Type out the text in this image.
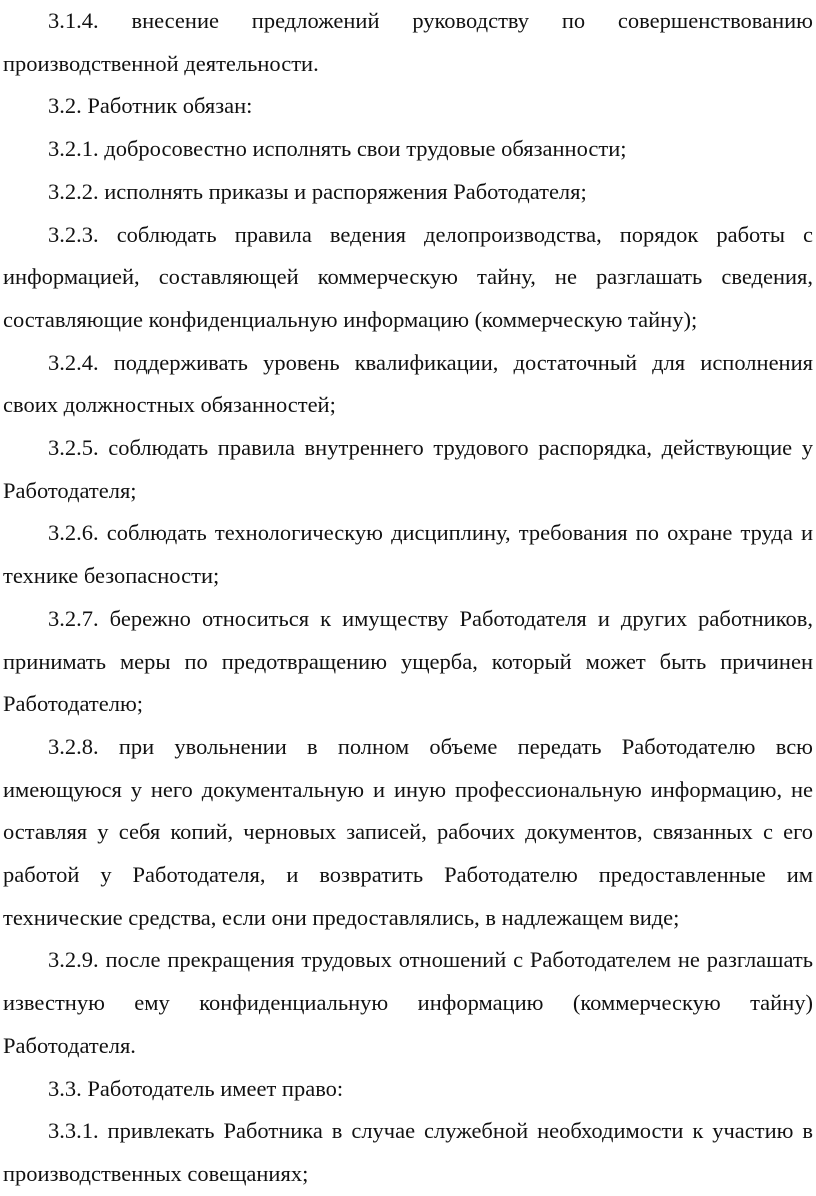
3.1.4. внесение предложений руководству по совершенствованию производственной деятельности.

3.2. Работник обязан:

3.2.1. добросовестно исполнять свои трудовые обязанности;

3.2.2. исполнять приказы и распоряжения Работодателя;

3.2.3. соблюдать правила ведения делопроизводства, порядок работы с информацией, составляющей коммерческую тайну, не разглашать сведения, составляющие конфиденциальную информацию (коммерческую тайну);

3.2.4. поддерживать уровень квалификации, достаточный для исполнения своих должностных обязанностей;

3.2.5. соблюдать правила внутреннего трудового распорядка, действующие у Работодателя;

3.2.6. соблюдать технологическую дисциплину, требования по охране труда и технике безопасности;

3.2.7. бережно относиться к имуществу Работодателя и других работников, принимать меры по предотвращению ущерба, который может быть причинен Работодателю;

3.2.8. при увольнении в полном объеме передать Работодателю всю имеющуюся у него документальную и иную профессиональную информацию, не оставляя у себя копий, черновых записей, рабочих документов, связанных с его работой у Работодателя, и возвратить Работодателю предоставленные им технические средства, если они предоставлялись, в надлежащем виде;

3.2.9. после прекращения трудовых отношений с Работодателем не разглашать известную ему конфиденциальную информацию (коммерческую тайну) Работодателя.

3.3. Работодатель имеет право:

3.3.1. привлекать Работника в случае служебной необходимости к участию в производственных совещаниях;
